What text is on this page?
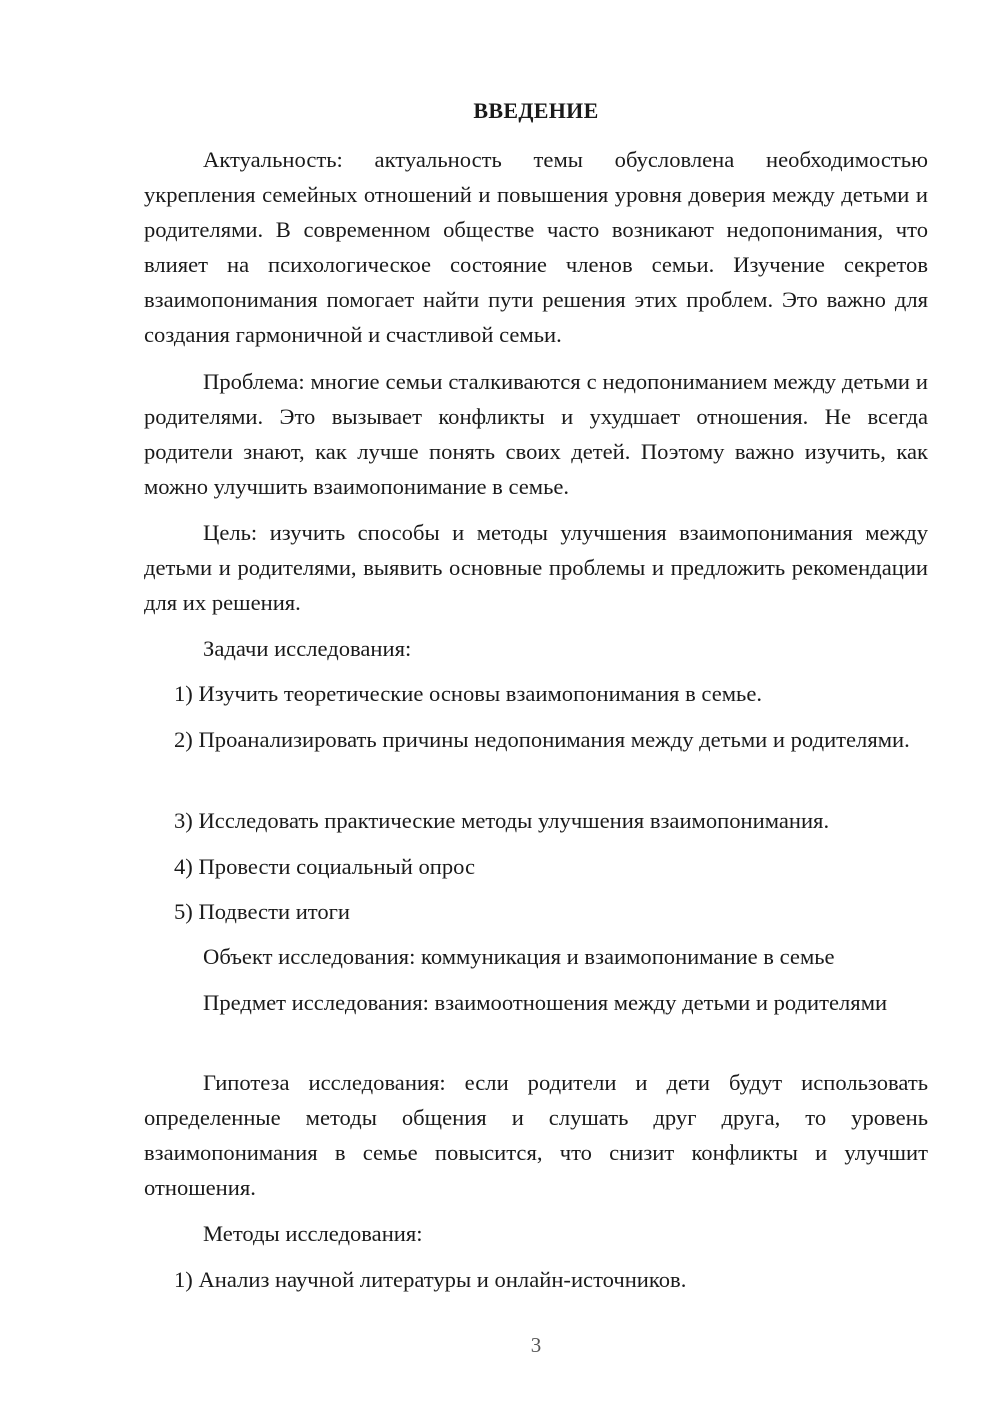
ВВЕДЕНИЕ
Актуальность: актуальность темы обусловлена необходимостью укрепления семейных отношений и повышения уровня доверия между детьми и родителями. В современном обществе часто возникают недопонимания, что влияет на психологическое состояние членов семьи. Изучение секретов взаимопонимания помогает найти пути решения этих проблем. Это важно для создания гармоничной и счастливой семьи.
Проблема: многие семьи сталкиваются с недопониманием между детьми и родителями. Это вызывает конфликты и ухудшает отношения. Не всегда родители знают, как лучше понять своих детей. Поэтому важно изучить, как можно улучшить взаимопонимание в семье.
Цель: изучить способы и методы улучшения взаимопонимания между детьми и родителями, выявить основные проблемы и предложить рекомендации для их решения.
Задачи исследования:
1) Изучить теоретические основы взаимопонимания в семье.
2) Проанализировать причины недопонимания между детьми и родителями.
3) Исследовать практические методы улучшения взаимопонимания.
4) Провести социальный опрос
5) Подвести итоги
Объект исследования: коммуникация и взаимопонимание в семье
Предмет исследования: взаимоотношения между детьми и родителями
Гипотеза исследования: если родители и дети будут использовать определенные методы общения и слушать друг друга, то уровень взаимопонимания в семье повысится, что снизит конфликты и улучшит отношения.
Методы исследования:
1) Анализ научной литературы и онлайн-источников.
3
